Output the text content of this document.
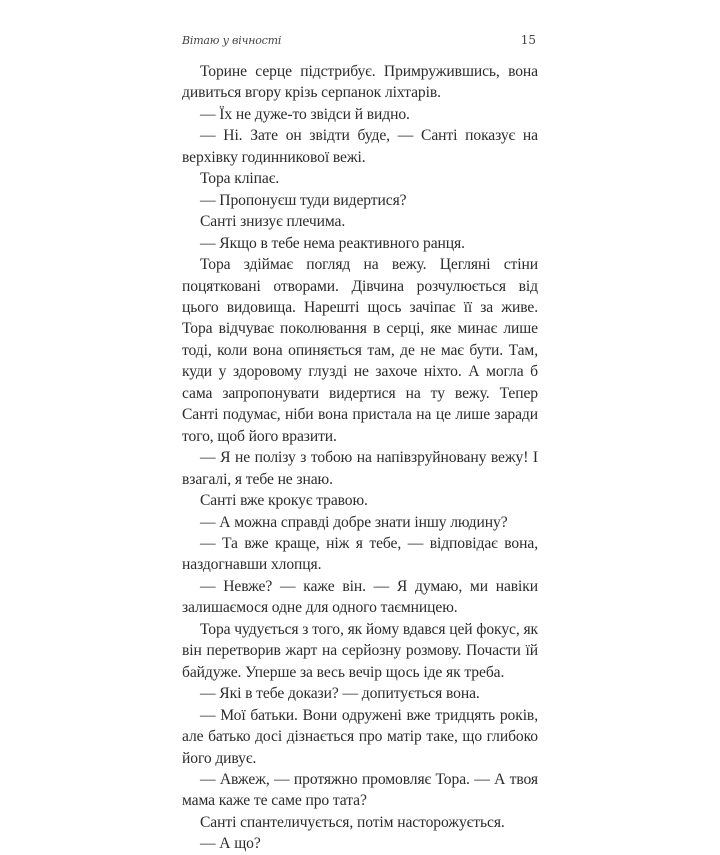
Вітаю у вічності	15

Торине серце підстрибує. Примружившись, вона дивиться вгору крізь серпанок ліхтарів.

— Їх не дуже-то звідси й видно.

— Ні. Зате он звідти буде, — Санті показує на верхівку годинникової вежі.

Тора кліпає.

— Пропонуєш туди видертися?

Санті знизує плечима.

— Якщо в тебе нема реактивного ранця.

Тора здіймає погляд на вежу. Цегляні стіни поцятковані отворами. Дівчина розчулюється від цього видовища. Нарешті щось зачіпає її за живе. Тора відчуває поколювання в серці, яке минає лише тоді, коли вона опиняється там, де не має бути. Там, куди у здоровому глузді не захоче ніхто. А могла б сама запропонувати видертися на ту вежу. Тепер Санті подумає, ніби вона пристала на це лише заради того, щоб його вразити.

— Я не полізу з тобою на напівзруйновану вежу! І взагалі, я тебе не знаю.

Санті вже крокує травою.

— А можна справді добре знати іншу людину?

— Та вже краще, ніж я тебе, — відповідає вона, наздогнавши хлопця.

— Невже? — каже він. — Я думаю, ми навіки залишаємося одне для одного таємницею.

Тора чудується з того, як йому вдався цей фокус, як він перетворив жарт на серйозну розмову. Почасти їй байдуже. Уперше за весь вечір щось іде як треба.

— Які в тебе докази? — допитується вона.

— Мої батьки. Вони одружені вже тридцять років, але батько досі дізнається про матір таке, що глибоко його дивує.

— Авжеж, — протяжно промовляє Тора. — А твоя мама каже те саме про тата?

Санті спантеличується, потім насторожується.

— А що?
